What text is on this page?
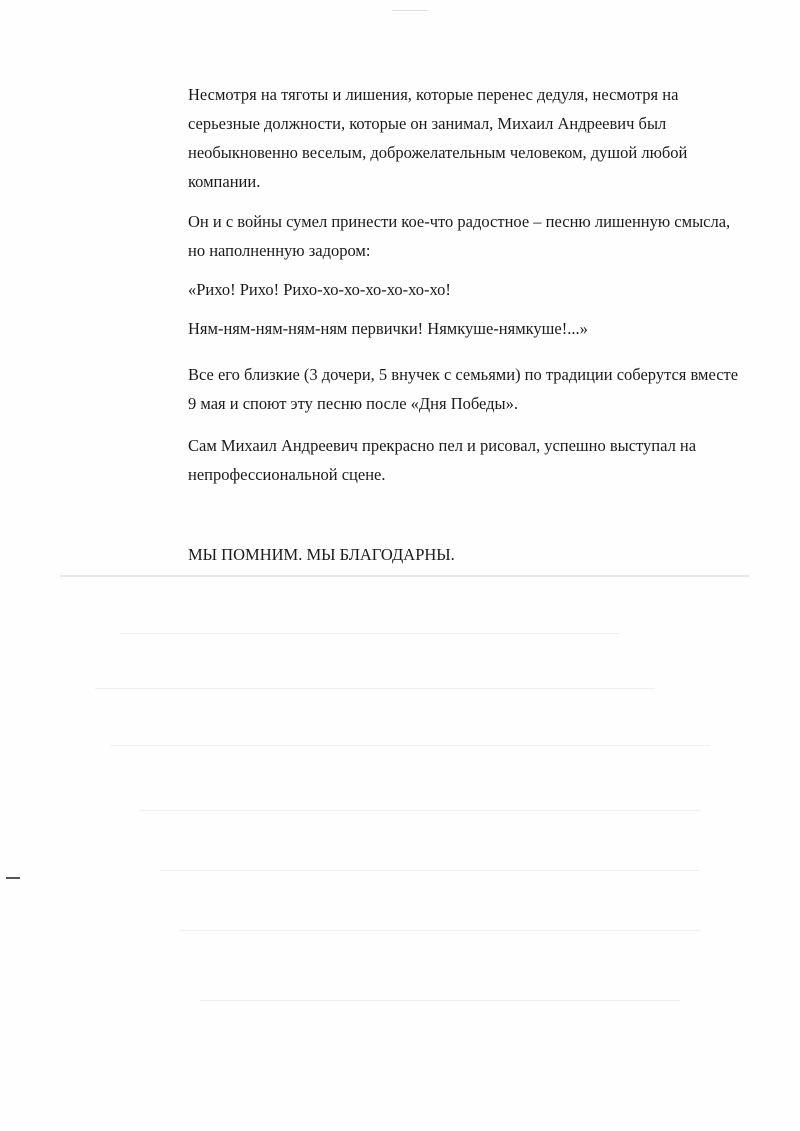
Несмотря на тяготы и лишения, которые перенес дедуля, несмотря на серьезные должности, которые он занимал, Михаил Андреевич был необыкновенно веселым, доброжелательным человеком, душой любой компании.

Он и с войны сумел принести кое-что радостное – песню лишенную смысла, но наполненную задором:

«Рихо! Рихо! Рихо-хо-хо-хо-хо-хо-хо!

Ням-ням-ням-ням-ням первички! Нямкуше-нямкуше!...»

Все его близкие (3 дочери, 5 внучек с семьями) по традиции соберутся вместе 9 мая и споют эту песню после «Дня Победы».

Сам Михаил Андреевич прекрасно пел и рисовал, успешно выступал на непрофессиональной сцене.

МЫ ПОМНИМ. МЫ БЛАГОДАРНЫ.
